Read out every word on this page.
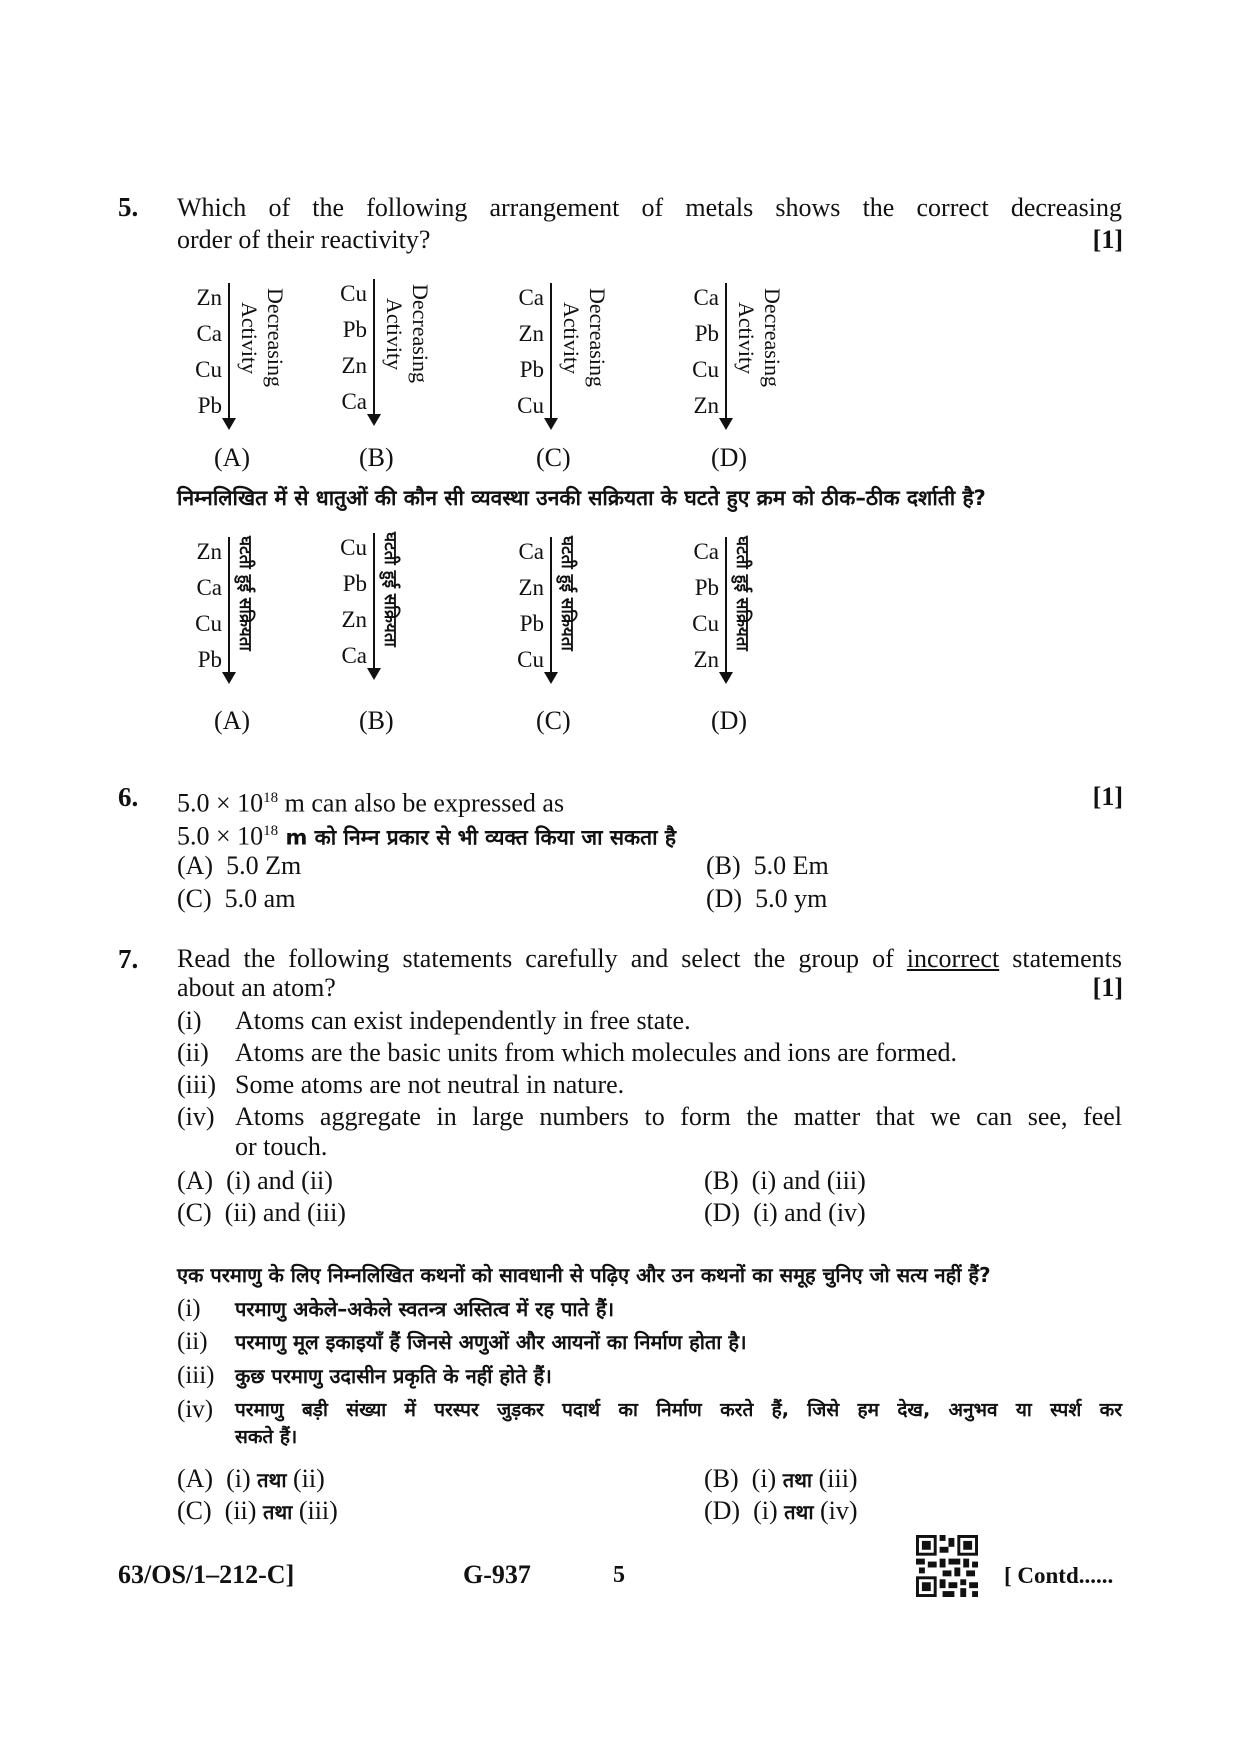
5. Which of the following arrangement of metals shows the correct decreasing
order of their reactivity?	[1]
Zn
Ca
Cu
Pb
Decreasing
Activity
(A)
Cu
Pb
Zn
Ca
Decreasing
Activity
(B)
Ca
Zn
Pb
Cu
Decreasing
Activity
(C)
Ca
Pb
Cu
Zn
Decreasing
Activity
(D)
निम्नलिखित में से धातुओं की कौन सी व्यवस्था उनकी सक्रियता के घटते हुए क्रम को ठीक–ठीक दर्शाती है?
Zn
Ca
Cu
Pb
घटती हुई सक्रियता
(A)
Cu
Pb
Zn
Ca
घटती हुई सक्रियता
(B)
Ca
Zn
Pb
Cu
घटती हुई सक्रियता
(C)
Ca
Pb
Cu
Zn
घटती हुई सक्रियता
(D)
6. $5.0 \times 10^{18}$ m can also be expressed as	[1]
$5.0 \times 10^{18}$ m को निम्न प्रकार से भी व्यक्त किया जा सकता है
(A) 5.0 Zm	(B) 5.0 Em
(C) 5.0 am	(D) 5.0 ym
7. Read the following statements carefully and select the group of incorrect statements
about an atom?	[1]
(i) Atoms can exist independently in free state.
(ii) Atoms are the basic units from which molecules and ions are formed.
(iii) Some atoms are not neutral in nature.
(iv) Atoms aggregate in large numbers to form the matter that we can see, feel
or touch.
(A) (i) and (ii)	(B) (i) and (iii)
(C) (ii) and (iii)	(D) (i) and (iv)
एक परमाणु के लिए निम्नलिखित कथनों को सावधानी से पढ़िए और उन कथनों का समूह चुनिए जो सत्य नहीं हैं?
(i) परमाणु अकेले–अकेले स्वतन्त्र अस्तित्व में रह पाते हैं।
(ii) परमाणु मूल इकाइयाँ हैं जिनसे अणुओं और आयनों का निर्माण होता है।
(iii) कुछ परमाणु उदासीन प्रकृति के नहीं होते हैं।
(iv)	परमाणु बड़ी संख्या में परस्पर जुड़कर पदार्थ का निर्माण करते हैं, जिसे हम देख, अनुभव या स्पर्श कर
सकते हैं।
(A) (i) तथा (ii)	(B) (i) तथा (iii)
(C) (ii) तथा (iii)	(D) (i) तथा (iv)
63/OS/1–212-C]	G-937	5	[ Contd......
